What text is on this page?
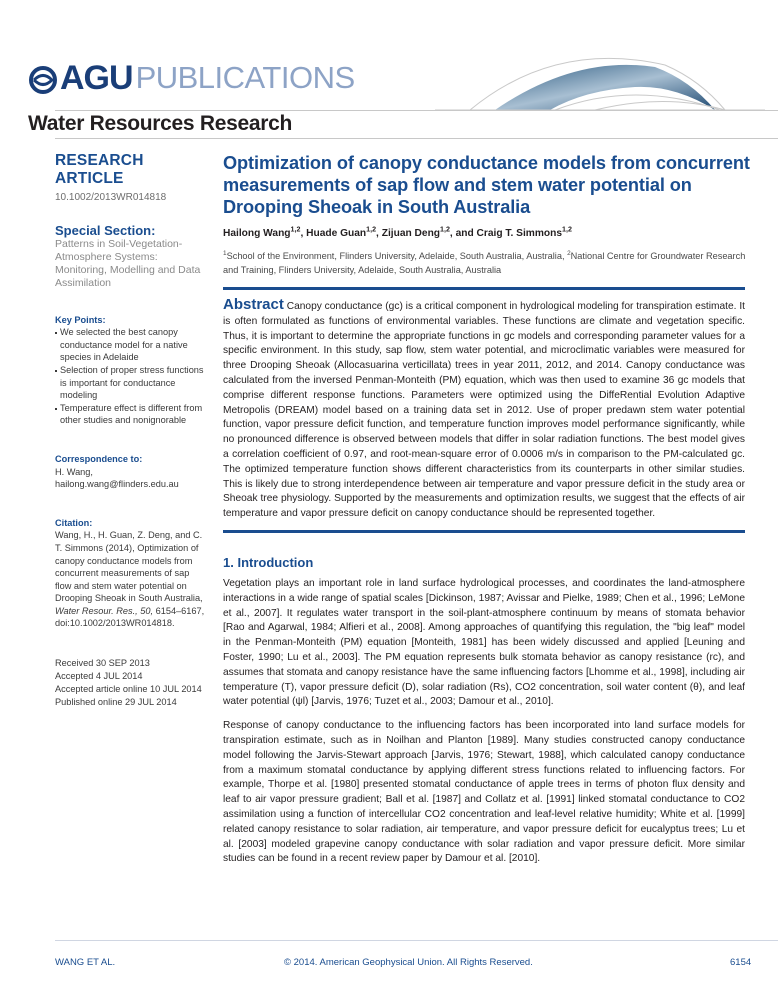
AGU PUBLICATIONS
Water Resources Research
RESEARCH ARTICLE
10.1002/2013WR014818
Special Section:
Patterns in Soil-Vegetation-Atmosphere Systems: Monitoring, Modelling and Data Assimilation
Key Points:
We selected the best canopy conductance model for a native species in Adelaide
Selection of proper stress functions is important for conductance modeling
Temperature effect is different from other studies and nonignorable
Correspondence to:
H. Wang,
hailong.wang@flinders.edu.au
Citation:
Wang, H., H. Guan, Z. Deng, and C. T. Simmons (2014), Optimization of canopy conductance models from concurrent measurements of sap flow and stem water potential on Drooping Sheoak in South Australia, Water Resour. Res., 50, 6154–6167, doi:10.1002/2013WR014818.
Received 30 SEP 2013
Accepted 4 JUL 2014
Accepted article online 10 JUL 2014
Published online 29 JUL 2014
Optimization of canopy conductance models from concurrent measurements of sap flow and stem water potential on Drooping Sheoak in South Australia
Hailong Wang$^{1,2}$, Huade Guan$^{1,2}$, Zijuan Deng$^{1,2}$, and Craig T. Simmons$^{1,2}$
$^1$School of the Environment, Flinders University, Adelaide, South Australia, Australia, $^2$National Centre for Groundwater Research and Training, Flinders University, Adelaide, South Australia, Australia
Abstract Canopy conductance (gc) is a critical component in hydrological modeling for transpiration estimate. It is often formulated as functions of environmental variables. These functions are climate and vegetation specific. Thus, it is important to determine the appropriate functions in gc models and corresponding parameter values for a specific environment. In this study, sap flow, stem water potential, and microclimatic variables were measured for three Drooping Sheoak (Allocasuarina verticillata) trees in year 2011, 2012, and 2014. Canopy conductance was calculated from the inversed Penman-Monteith (PM) equation, which was then used to examine 36 gc models that comprise different response functions. Parameters were optimized using the DiffeRential Evolution Adaptive Metropolis (DREAM) model based on a training data set in 2012. Use of proper predawn stem water potential function, vapor pressure deficit function, and temperature function improves model performance significantly, while no pronounced difference is observed between models that differ in solar radiation functions. The best model gives a correlation coefficient of 0.97, and root-mean-square error of 0.0006 m/s in comparison to the PM-calculated gc. The optimized temperature function shows different characteristics from its counterparts in other similar studies. This is likely due to strong interdependence between air temperature and vapor pressure deficit in the study area or Sheoak tree physiology. Supported by the measurements and optimization results, we suggest that the effects of air temperature and vapor pressure deficit on canopy conductance should be represented together.
1. Introduction
Vegetation plays an important role in land surface hydrological processes, and coordinates the land-atmosphere interactions in a wide range of spatial scales [Dickinson, 1987; Avissar and Pielke, 1989; Chen et al., 1996; LeMone et al., 2007]. It regulates water transport in the soil-plant-atmosphere continuum by means of stomata behavior [Rao and Agarwal, 1984; Alfieri et al., 2008]. Among approaches of quantifying this regulation, the "big leaf" model in the Penman-Monteith (PM) equation [Monteith, 1981] has been widely discussed and applied [Leuning and Foster, 1990; Lu et al., 2003]. The PM equation represents bulk stomata behavior as canopy resistance (rc), and assumes that stomata and canopy resistance have the same influencing factors [Lhomme et al., 1998], including air temperature (T), vapor pressure deficit (D), solar radiation (Rs), CO2 concentration, soil water content (θ), and leaf water potential (ψl) [Jarvis, 1976; Tuzet et al., 2003; Damour et al., 2010].
Response of canopy conductance to the influencing factors has been incorporated into land surface models for transpiration estimate, such as in Noilhan and Planton [1989]. Many studies constructed canopy conductance model following the Jarvis-Stewart approach [Jarvis, 1976; Stewart, 1988], which calculated canopy conductance from a maximum stomatal conductance by applying different stress functions related to influencing factors. For example, Thorpe et al. [1980] presented stomatal conductance of apple trees in terms of photon flux density and leaf to air vapor pressure gradient; Ball et al. [1987] and Collatz et al. [1991] linked stomatal conductance to CO2 assimilation using a function of intercellular CO2 concentration and leaf-level relative humidity; White et al. [1999] related canopy resistance to solar radiation, air temperature, and vapor pressure deficit for eucalyptus trees; Lu et al. [2003] modeled grapevine canopy conductance with solar radiation and vapor pressure deficit. More similar studies can be found in a recent review paper by Damour et al. [2010].
WANG ET AL.	© 2014. American Geophysical Union. All Rights Reserved.	6154
